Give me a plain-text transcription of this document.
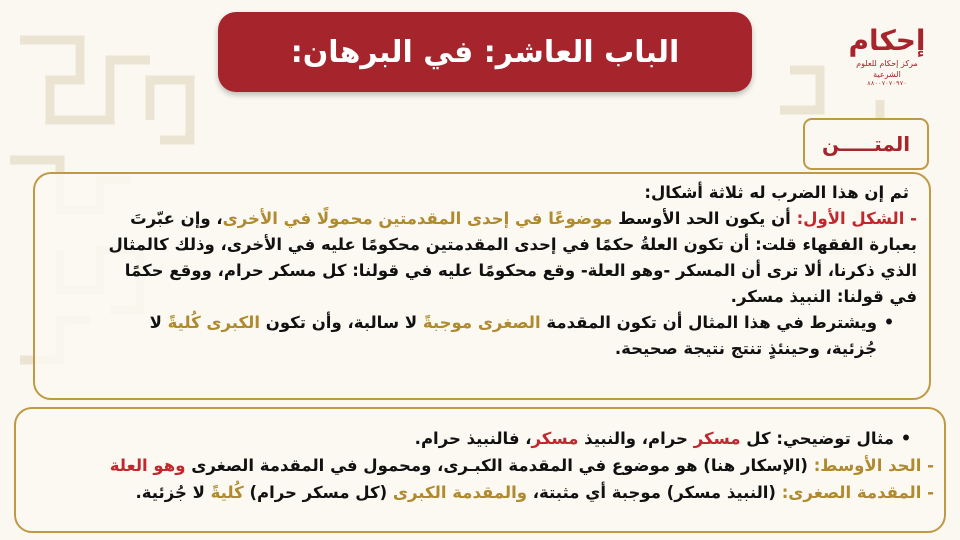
الباب العاشر: في البرهان:	إحكام
مركز إحكام للعلوم الشرعية
٨٨٠٠٧٠٧٠٩٧٠
المتـــــن
ثم إن هذا الضرب له ثلاثة أشكال:
- الشكل الأول: أن يكون الحد الأوسط موضوعًا في إحدى المقدمتين محمولًا في الأخرى، وإن عبّرتَ
بعبارة الفقهاء قلت: أن تكون العلةُ حكمًا في إحدى المقدمتين محكومًا عليه في الأخرى، وذلك كالمثال
الذي ذكرنا، ألا ترى أن المسكر -وهو العلة- وقع محكومًا عليه في قولنا: كل مسكر حرام، ووقع حكمًا
في قولنا: النبيذ مسكر.
•
ويشترط في هذا المثال أن تكون المقدمة الصغرى موجبةً لا سالبة، وأن تكون الكبرى كُليةً لا
جُزئية، وحينئذٍ تنتج نتيجة صحيحة.
•
مثال توضيحي: كل مسكر حرام، والنبيذ مسكر، فالنبيذ حرام.
- الحد الأوسط: (الإسكار هنا) هو موضوع في المقدمة الكبـرى، ومحمول في المقدمة الصغرى وهو العلة
- المقدمة الصغرى: (النبيذ مسكر) موجبة أي مثبتة، والمقدمة الكبرى (كل مسكر حرام) كُليةً لا جُزئية.
